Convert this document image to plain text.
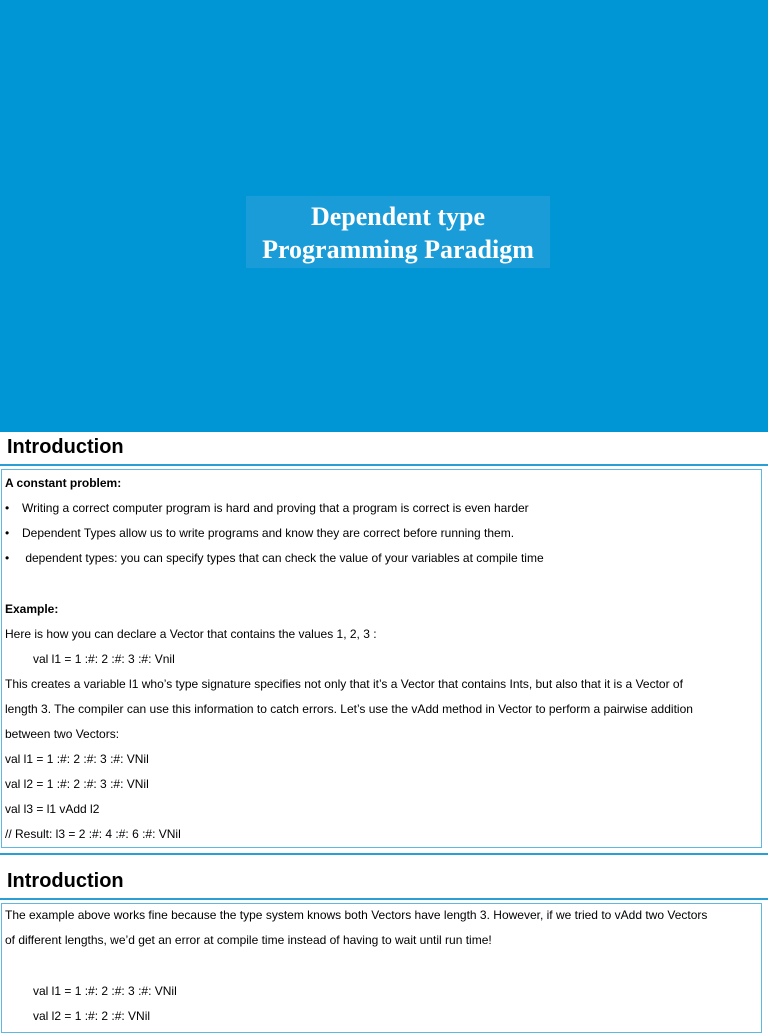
Dependent type
Programming Paradigm
Introduction
A constant problem:
• Writing a correct computer program is hard and proving that a program is correct is even harder
• Dependent Types allow us to write programs and know they are correct before running them.
• dependent types: you can specify types that can check the value of your variables at compile time
Example:
Here is how you can declare a Vector that contains the values 1, 2, 3 :
val l1 = 1 :#: 2 :#: 3 :#: Vnil
This creates a variable l1 who’s type signature specifies not only that it’s a Vector that contains Ints, but also that it is a Vector of
length 3. The compiler can use this information to catch errors. Let’s use the vAdd method in Vector to perform a pairwise addition
between two Vectors:
val l1 = 1 :#: 2 :#: 3 :#: VNil
val l2 = 1 :#: 2 :#: 3 :#: VNil
val l3 = l1 vAdd l2
// Result: l3 = 2 :#: 4 :#: 6 :#: VNil
Introduction
The example above works fine because the type system knows both Vectors have length 3. However, if we tried to vAdd two Vectors
of different lengths, we’d get an error at compile time instead of having to wait until run time!
val l1 = 1 :#: 2 :#: 3 :#: VNil
val l2 = 1 :#: 2 :#: VNil
